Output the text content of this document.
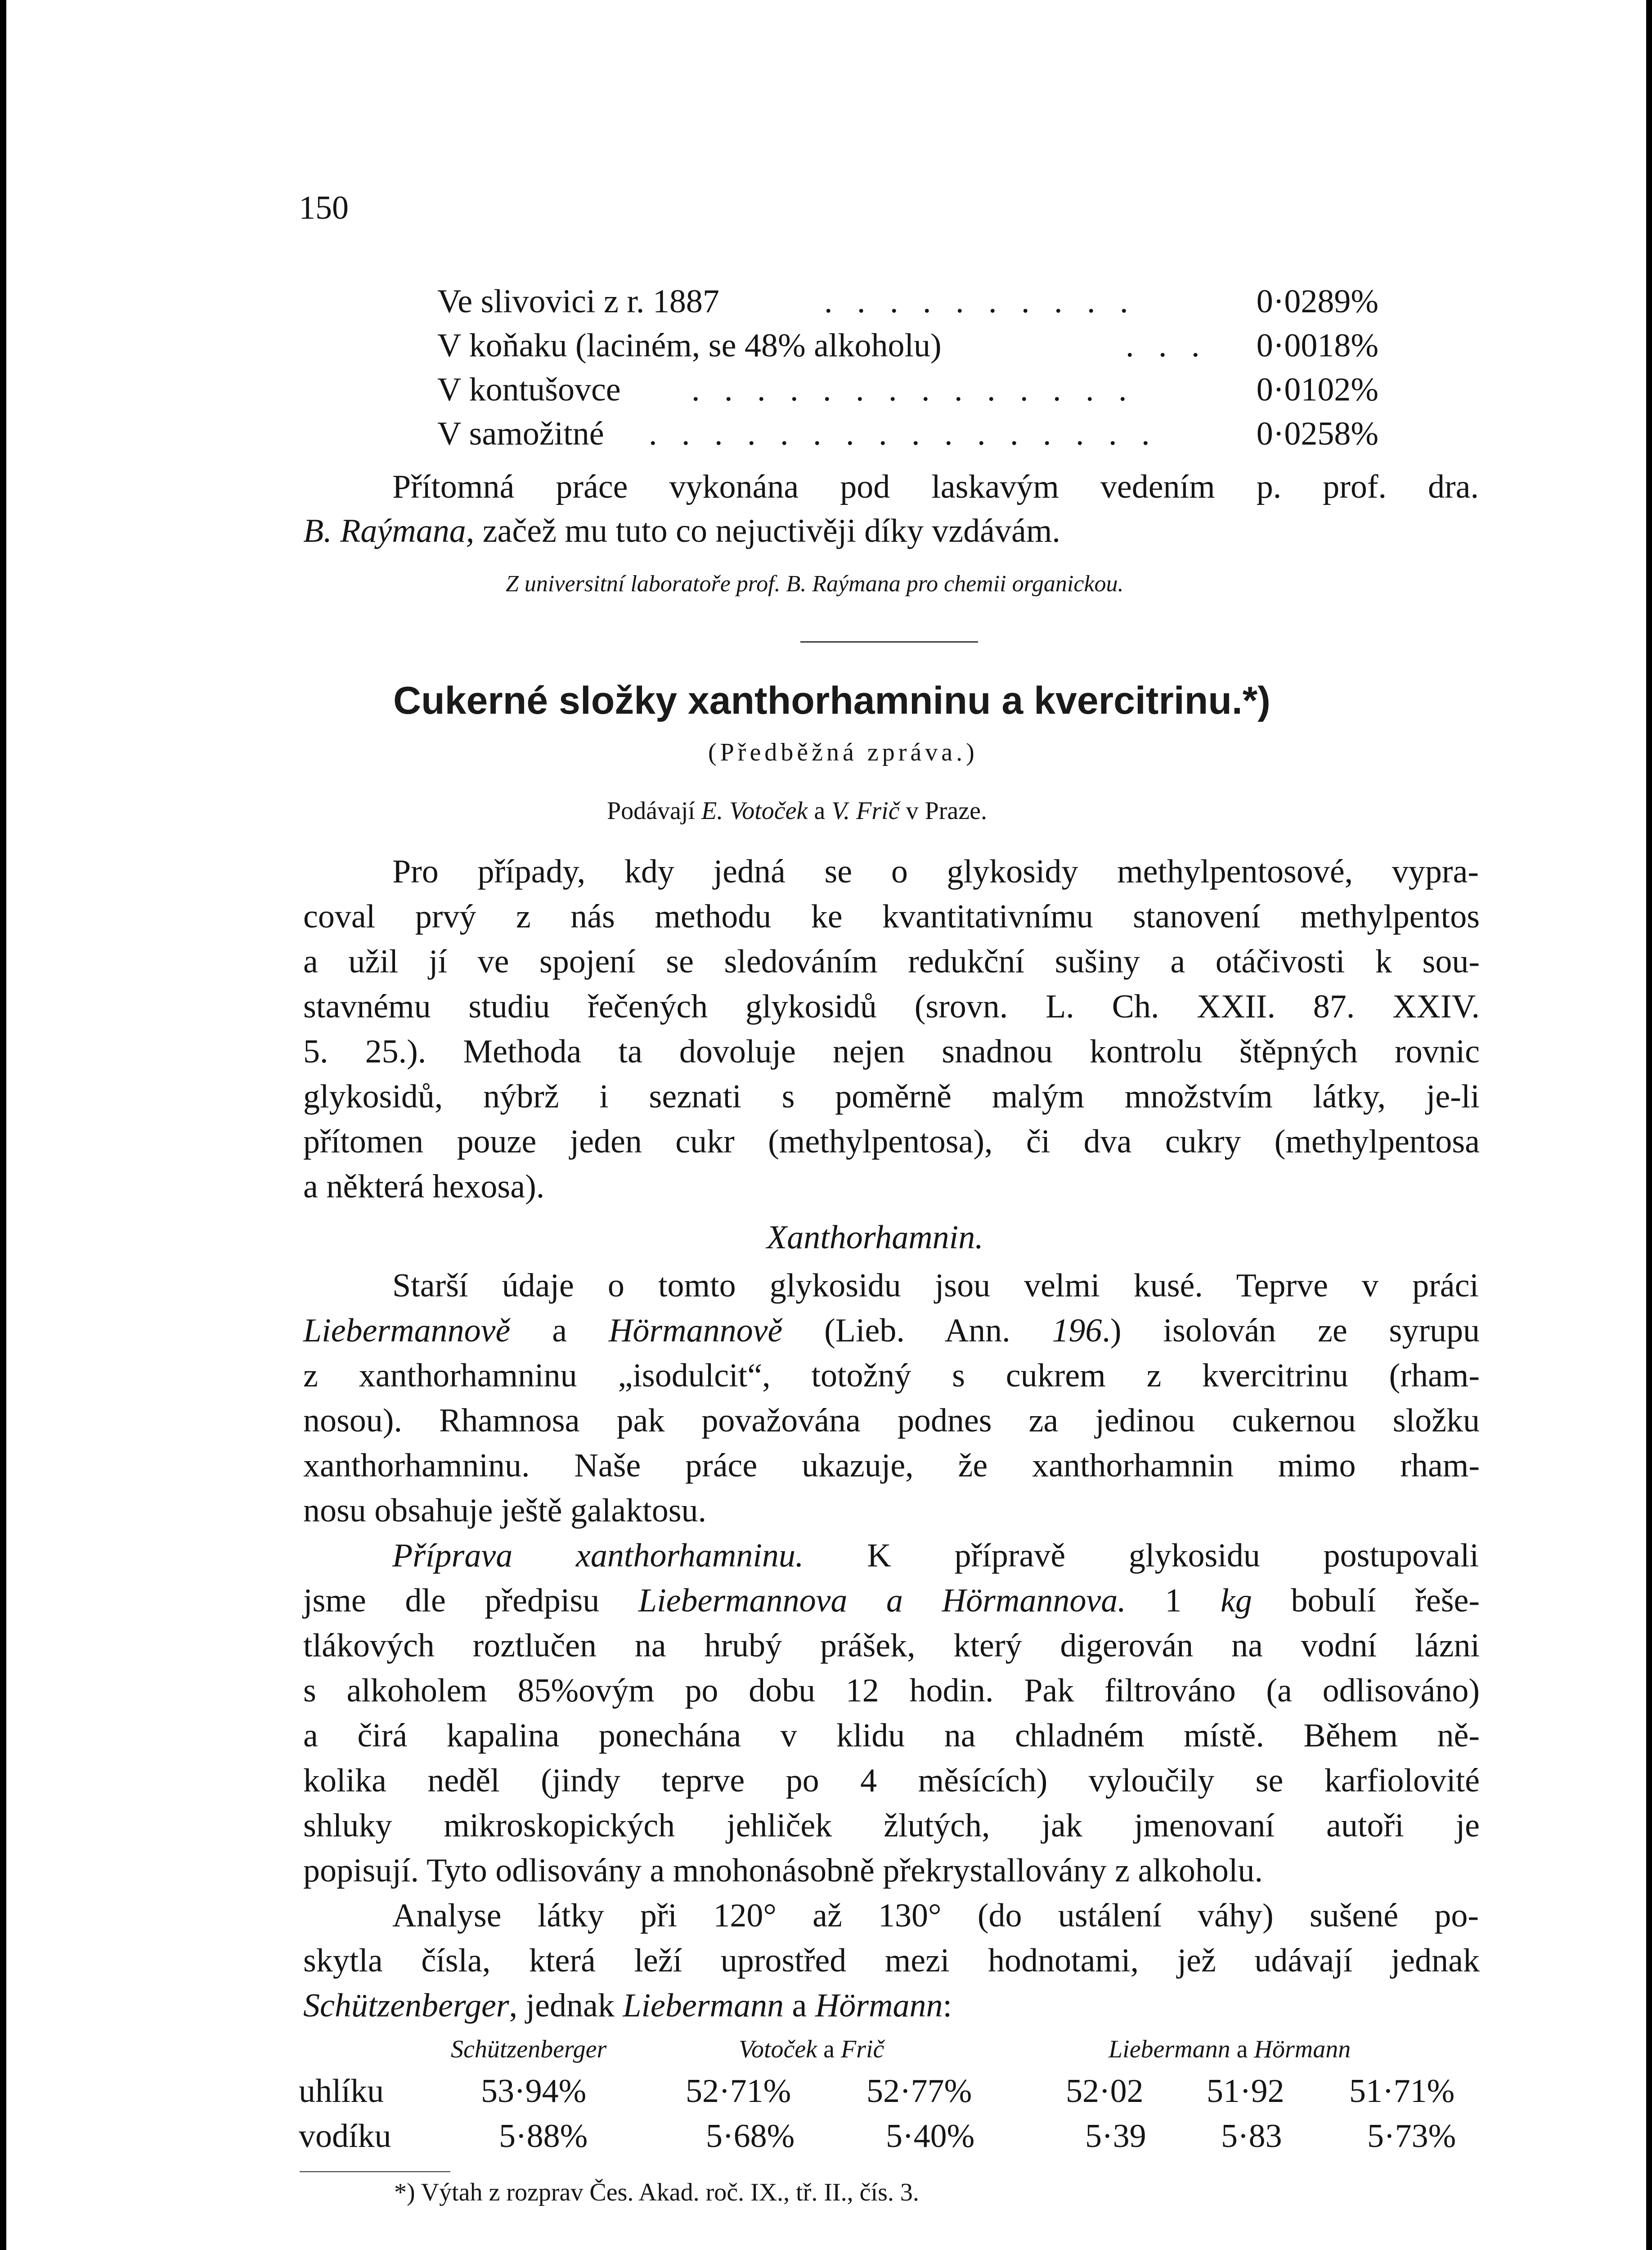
150
Ve slivovici z r. 1887	. . . . . . . . . .	0·0289%
V koňaku (laciném, se 48% alkoholu)	. . . 0·0018%
V kontušovce . . . . . . . . . . . . . .	0·0102%
V samožitné . . . . . . . . . . . . . . . .	0·0258%
Přítomná práce vykonána pod laskavým vedením p. prof. dra.
B. Raýmana, začež mu tuto co nejuctivěji díky vzdávám.
Z universitní laboratoře prof. B. Raýmana pro chemii organickou.
Cukerné složky xanthorhamninu a kvercitrinu.*)
(Předběžná zpráva.)
Podávají E. Votoček a V. Frič v Praze.
Pro případy, kdy jedná se o glykosidy methylpentosové, vypra-
coval prvý z nás methodu ke kvantitativnímu stanovení methylpentos
a užil jí ve spojení se sledováním redukční sušiny a otáčivosti k sou-
stavnému studiu řečených glykosidů (srovn. L. Ch. XXII. 87. XXIV.
5. 25.). Methoda ta dovoluje nejen snadnou kontrolu štěpných rovnic
glykosidů, nýbrž i seznati s poměrně malým množstvím látky, je-li
přítomen pouze jeden cukr (methylpentosa), či dva cukry (methylpentosa
a některá hexosa).
Xanthorhamnin.
Starší údaje o tomto glykosidu jsou velmi kusé. Teprve v práci
Liebermannově a Hörmannově (Lieb. Ann. 196.) isolován ze syrupu
z xanthorhamninu „isodulcit“, totožný s cukrem z kvercitrinu (rham-
nosou). Rhamnosa pak považována podnes za jedinou cukernou složku
xanthorhamninu. Naše práce ukazuje, že xanthorhamnin mimo rham-
nosu obsahuje ještě galaktosu.
Příprava xanthorhamninu. K přípravě glykosidu postupovali
jsme dle předpisu Liebermannova a Hörmannova. 1 kg bobulí řeše-
tlákových roztlučen na hrubý prášek, který digerován na vodní lázni
s alkoholem 85%ovým po dobu 12 hodin. Pak filtrováno (a odlisováno)
a čirá kapalina ponechána v klidu na chladném místě. Během ně-
kolika neděl (jindy teprve po 4 měsících) vyloučily se karfiolovité
shluky mikroskopických jehliček žlutých, jak jmenovaní autoři je
popisují. Tyto odlisovány a mnohonásobně překrystallovány z alkoholu.
Analyse látky při 120° až 130° (do ustálení váhy) sušené po-
skytla čísla, která leží uprostřed mezi hodnotami, jež udávají jednak
Schützenberger, jednak Liebermann a Hörmann:
Schützenberger	Votoček a Frič	Liebermann a Hörmann
uhlíku	53·94%	52·71% 52·77%	52·02 51·92 51·71%
vodíku	5·88%	5·68%	5·40%	5·39 5·83	5·73%
*) Výtah z rozprav Čes. Akad. roč. IX., tř. II., čís. 3.
